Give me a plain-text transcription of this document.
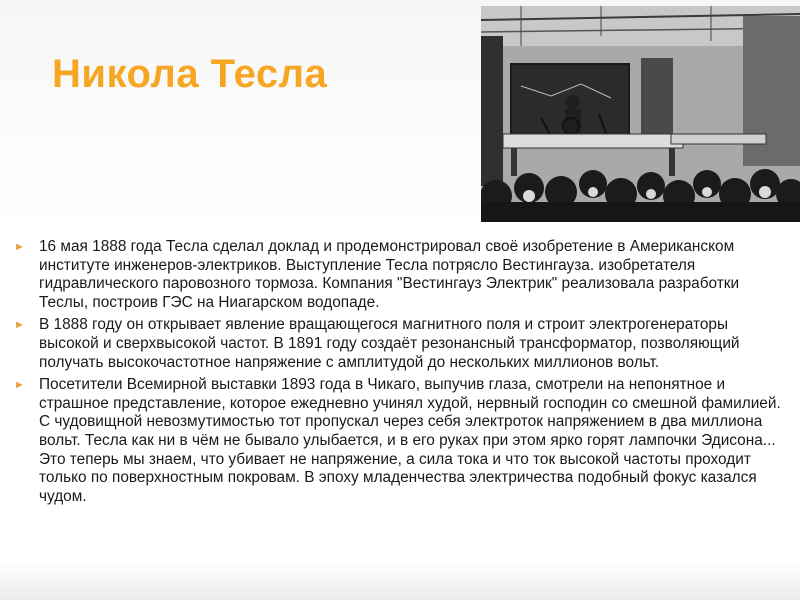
Никола Тесла
► 16 мая 1888 года Тесла сделал доклад и продемонстрировал своё изобретение в Американском институте инженеров-электриков. Выступление Тесла потрясло Вестингауза. изобретателя гидравлического паровозного тормоза. Компания "Вестингауз Электрик" реализовала разработки Теслы, построив ГЭС на Ниагарском водопаде.
► В 1888 году он открывает явление вращающегося магнитного поля и строит электрогенераторы высокой и сверхвысокой частот. В 1891 году создаёт резонансный трансформатор, позволяющий получать высокочастотное напряжение с амплитудой до нескольких миллионов вольт.
► Посетители Всемирной выставки 1893 года в Чикаго, выпучив глаза, смотрели на непонятное и страшное представление, которое ежедневно учинял худой, нервный господин со смешной фамилией. С чудовищной невозмутимостью тот пропускал через себя электроток напряжением в два миллиона вольт. Тесла как ни в чём не бывало улыбается, и в его руках при этом ярко горят лампочки Эдисона... Это теперь мы знаем, что убивает не напряжение, а сила тока и что ток высокой частоты проходит только по поверхностным покровам. В эпоху младенчества электричества подобный фокус казался чудом.
